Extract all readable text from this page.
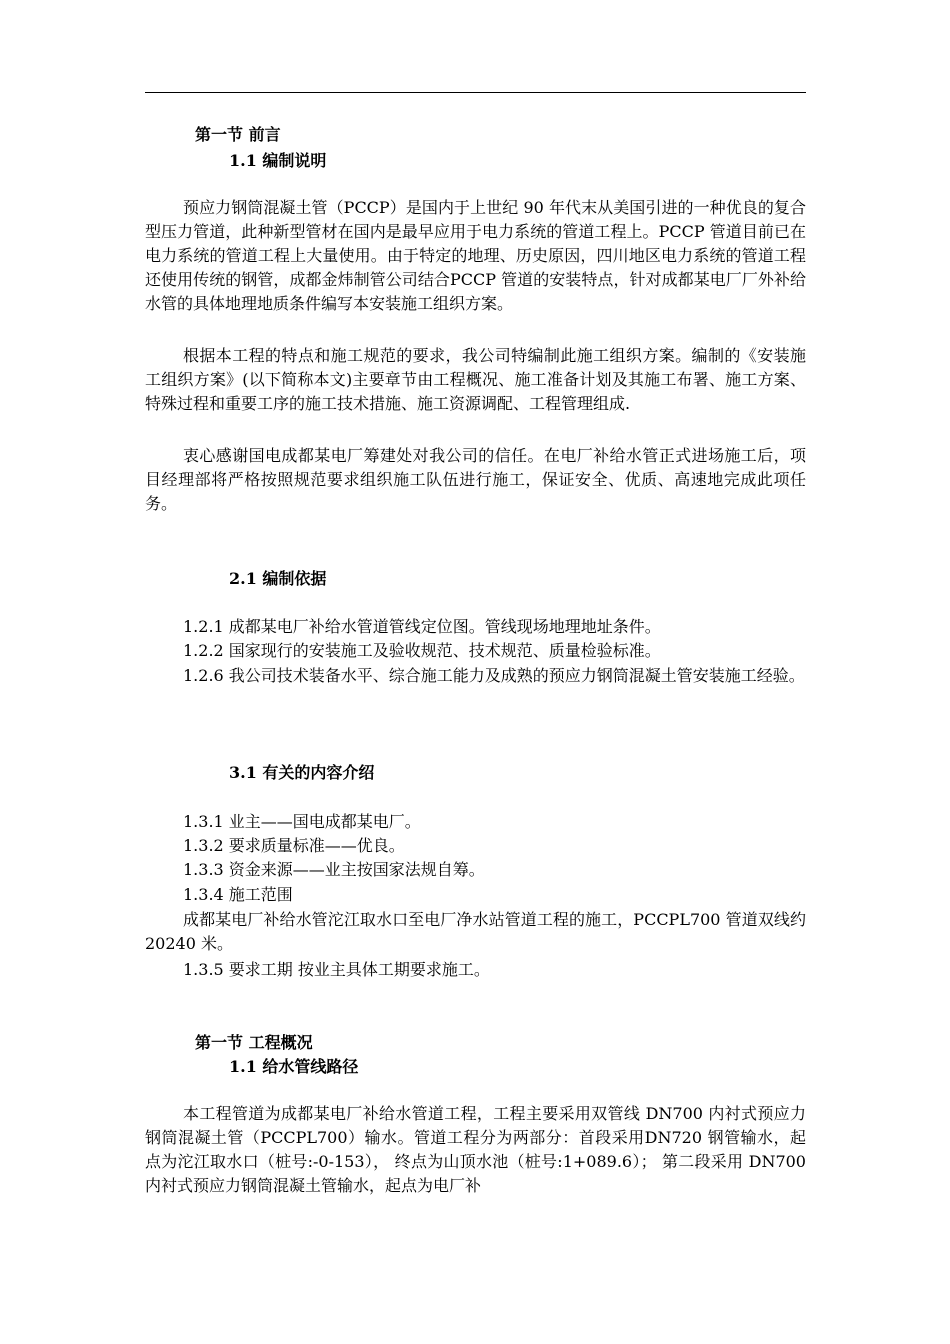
第一节 前言
1.1 编制说明
预应力钢筒混凝土管（PCCP）是国内于上世纪 90 年代末从美国引进的一种优良的复合型压力管道，此种新型管材在国内是最早应用于电力系统的管道工程上。PCCP 管道目前已在电力系统的管道工程上大量使用。由于特定的地理、历史原因，四川地区电力系统的管道工程还使用传统的钢管，成都金炜制管公司结合PCCP 管道的安装特点，针对成都某电厂厂外补给水管的具体地理地质条件编写本安装施工组织方案。
根据本工程的特点和施工规范的要求，我公司特编制此施工组织方案。编制的《安装施工组织方案》(以下简称本文)主要章节由工程概况、施工准备计划及其施工布署、施工方案、特殊过程和重要工序的施工技术措施、施工资源调配、工程管理组成.
衷心感谢国电成都某电厂筹建处对我公司的信任。在电厂补给水管正式进场施工后，项目经理部将严格按照规范要求组织施工队伍进行施工，保证安全、优质、高速地完成此项任务。
2.1 编制依据
1.2.1 成都某电厂补给水管道管线定位图。管线现场地理地址条件。
1.2.2 国家现行的安装施工及验收规范、技术规范、质量检验标准。
1.2.6 我公司技术装备水平、综合施工能力及成熟的预应力钢筒混凝土管安装施工经验。
3.1 有关的内容介绍
1.3.1 业主——国电成都某电厂。
1.3.2 要求质量标准——优良。
1.3.3 资金来源——业主按国家法规自筹。
1.3.4 施工范围
成都某电厂补给水管沱江取水口至电厂净水站管道工程的施工，PCCPL700 管道双线约 20240 米。
1.3.5 要求工期 按业主具体工期要求施工。
第一节 工程概况
1.1 给水管线路径
本工程管道为成都某电厂补给水管道工程，工程主要采用双管线 DN700 内衬式预应力钢筒混凝土管（PCCPL700）输水。管道工程分为两部分：首段采用DN720 钢管输水，起点为沱江取水口（桩号:-0-153）， 终点为山顶水池（桩号:1+089.6）； 第二段采用 DN700 内衬式预应力钢筒混凝土管输水，起点为电厂补
